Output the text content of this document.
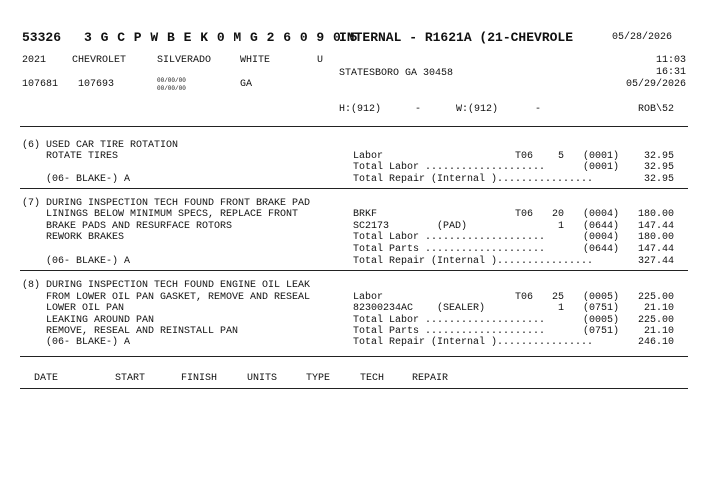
53326 3 G C P W B E K 0 M G 2 6 0 9 0 5
INTERNAL - R1621A (21-CHEVROLE	05/28/2026
2021	CHEVROLET	SILVERADO	WHITE	U	11:03
STATESBORO GA 30458	16:31
107681 107693	00/00/00
00/00/00	GA	05/29/2026
H:(912)	-	W:(912)	-	ROB\52
(6) USED CAR TIRE ROTATION
ROTATE TIRES
(06- BLAKE-) A
Labor	T06	5 (0001)	32.95
Total Labor ....................	(0001)	32.95
Total Repair (Internal )................	32.95
(7) DURING INSPECTION TECH FOUND FRONT BRAKE PAD
LININGS BELOW MINIMUM SPECS, REPLACE FRONT
BRAKE PADS AND RESURFACE ROTORS
REWORK BRAKES
(06- BLAKE-) A
BRKF	T06	20 (0004)	180.00
SC2173        (PAD)	1 (0644)	147.44
Total Labor ....................	(0004)	180.00
Total Parts ....................	(0644)	147.44
Total Repair (Internal )................	327.44
(8) DURING INSPECTION TECH FOUND ENGINE OIL LEAK
FROM LOWER OIL PAN GASKET, REMOVE AND RESEAL
LOWER OIL PAN
LEAKING AROUND PAN
REMOVE, RESEAL AND REINSTALL PAN
(06- BLAKE-) A
Labor	T06	25 (0005)	225.00
82300234AC    (SEALER)	1 (0751)	21.10
Total Labor ....................	(0005)	225.00
Total Parts ....................	(0751)	21.10
Total Repair (Internal )................	246.10
DATE	START	FINISH	UNITS	TYPE	TECH	REPAIR
